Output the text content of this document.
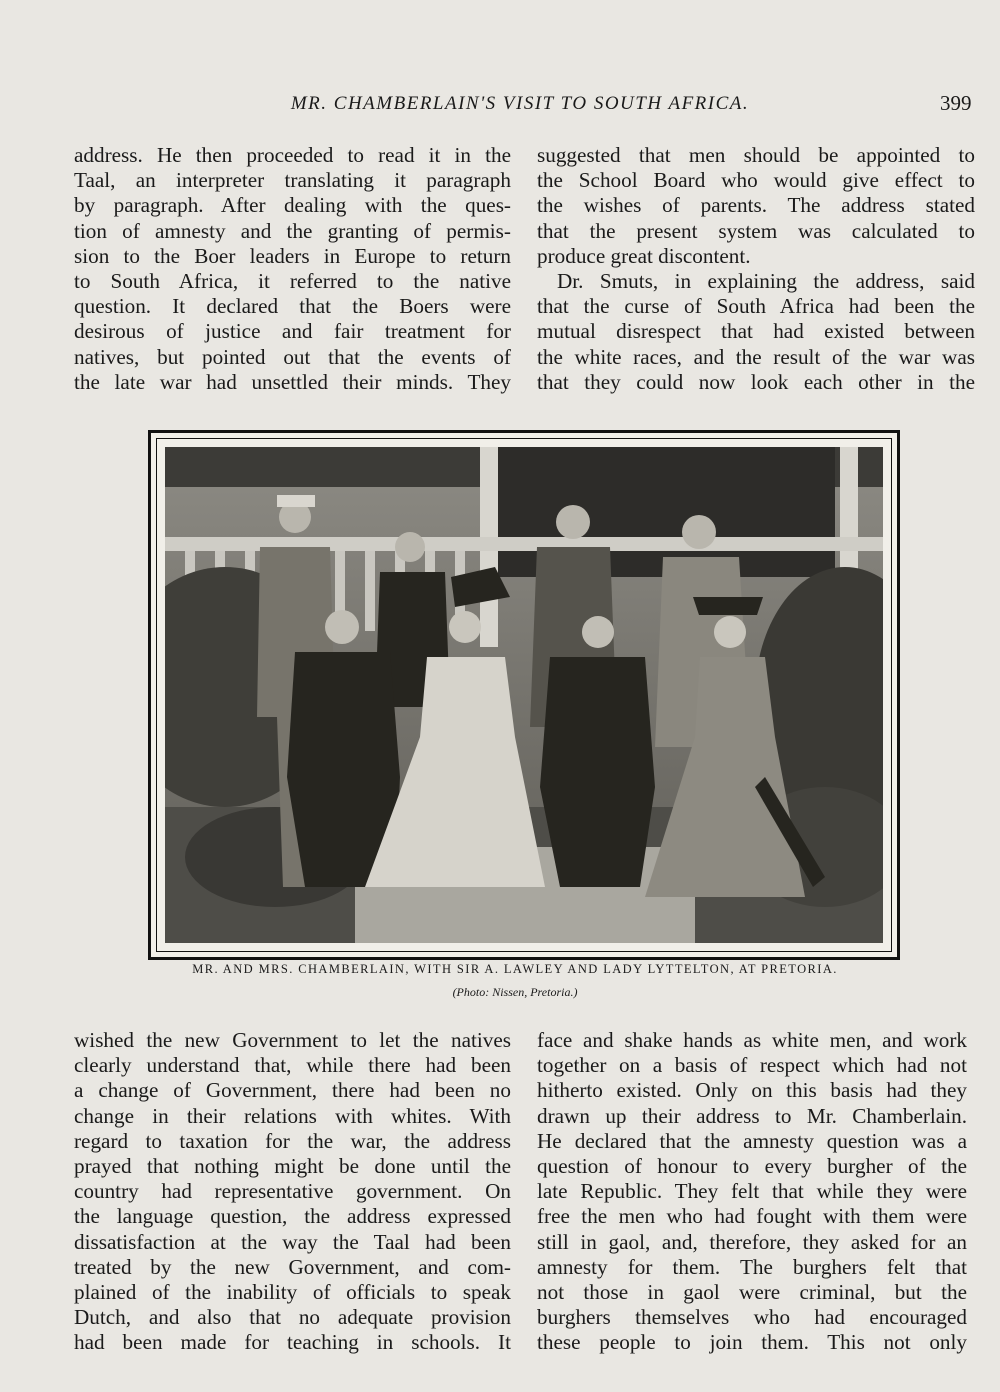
MR. CHAMBERLAIN'S VISIT TO SOUTH AFRICA.	399
address. He then proceeded to read it in the
Taal, an interpreter translating it paragraph
by paragraph. After dealing with the ques-
tion of amnesty and the granting of permis-
sion to the Boer leaders in Europe to return
to South Africa, it referred to the native
question. It declared that the Boers were
desirous of justice and fair treatment for
natives, but pointed out that the events of
the late war had unsettled their minds. They
suggested that men should be appointed to
the School Board who would give effect to
the wishes of parents. The address stated
that the present system was calculated to
produce great discontent.
Dr. Smuts, in explaining the address, said
that the curse of South Africa had been the
mutual disrespect that had existed between
the white races, and the result of the war was
that they could now look each other in the
MR. AND MRS. CHAMBERLAIN, WITH SIR A. LAWLEY AND LADY LYTTELTON, AT PRETORIA.
(Photo: Nissen, Pretoria.)
wished the new Government to let the natives
clearly understand that, while there had been
a change of Government, there had been no
change in their relations with whites. With
regard to taxation for the war, the address
prayed that nothing might be done until the
country had representative government. On
the language question, the address expressed
dissatisfaction at the way the Taal had been
treated by the new Government, and com-
plained of the inability of officials to speak
Dutch, and also that no adequate provision
had been made for teaching in schools. It
face and shake hands as white men, and work
together on a basis of respect which had not
hitherto existed. Only on this basis had they
drawn up their address to Mr. Chamberlain.
He declared that the amnesty question was a
question of honour to every burgher of the
late Republic. They felt that while they were
free the men who had fought with them were
still in gaol, and, therefore, they asked for an
amnesty for them. The burghers felt that
not those in gaol were criminal, but the
burghers themselves who had encouraged
these people to join them. This not only
